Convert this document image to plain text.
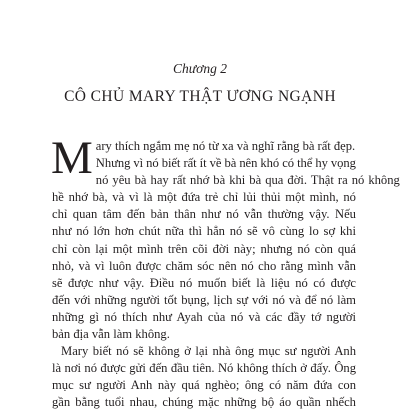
Chương 2

CÔ CHỦ MARY THẬT ƯƠNG NGẠNH
M ary thích ngắm mẹ nó từ xa và nghĩ rằng bà rất đẹp.
Nhưng vì nó biết rất ít về bà nên khó có thể hy vọng
nó yêu bà hay rất nhớ bà khi bà qua đời. Thật ra nó không
hề nhớ bà, và vì là một đứa trẻ chỉ lủi thủi một mình, nó
chỉ quan tâm đến bản thân như nó vẫn thường vậy. Nếu
như nó lớn hơn chút nữa thì hẳn nó sẽ vô cùng lo sợ khi
chỉ còn lại một mình trên cõi đời này; nhưng nó còn quá
nhỏ, và vì luôn được chăm sóc nên nó cho rằng mình vẫn
sẽ được như vậy. Điều nó muốn biết là liệu nó có được
đến với những người tốt bụng, lịch sự với nó và để nó làm
những gì nó thích như Ayah của nó và các đầy tớ người
bản địa vẫn làm không.
Mary biết nó sẽ không ở lại nhà ông mục sư người Anh
là nơi nó được gửi đến đầu tiên. Nó không thích ở đấy. Ông
mục sư người Anh này quá nghèo; ông có năm đứa con
gần bằng tuổi nhau, chúng mặc những bộ áo quần nhếch
